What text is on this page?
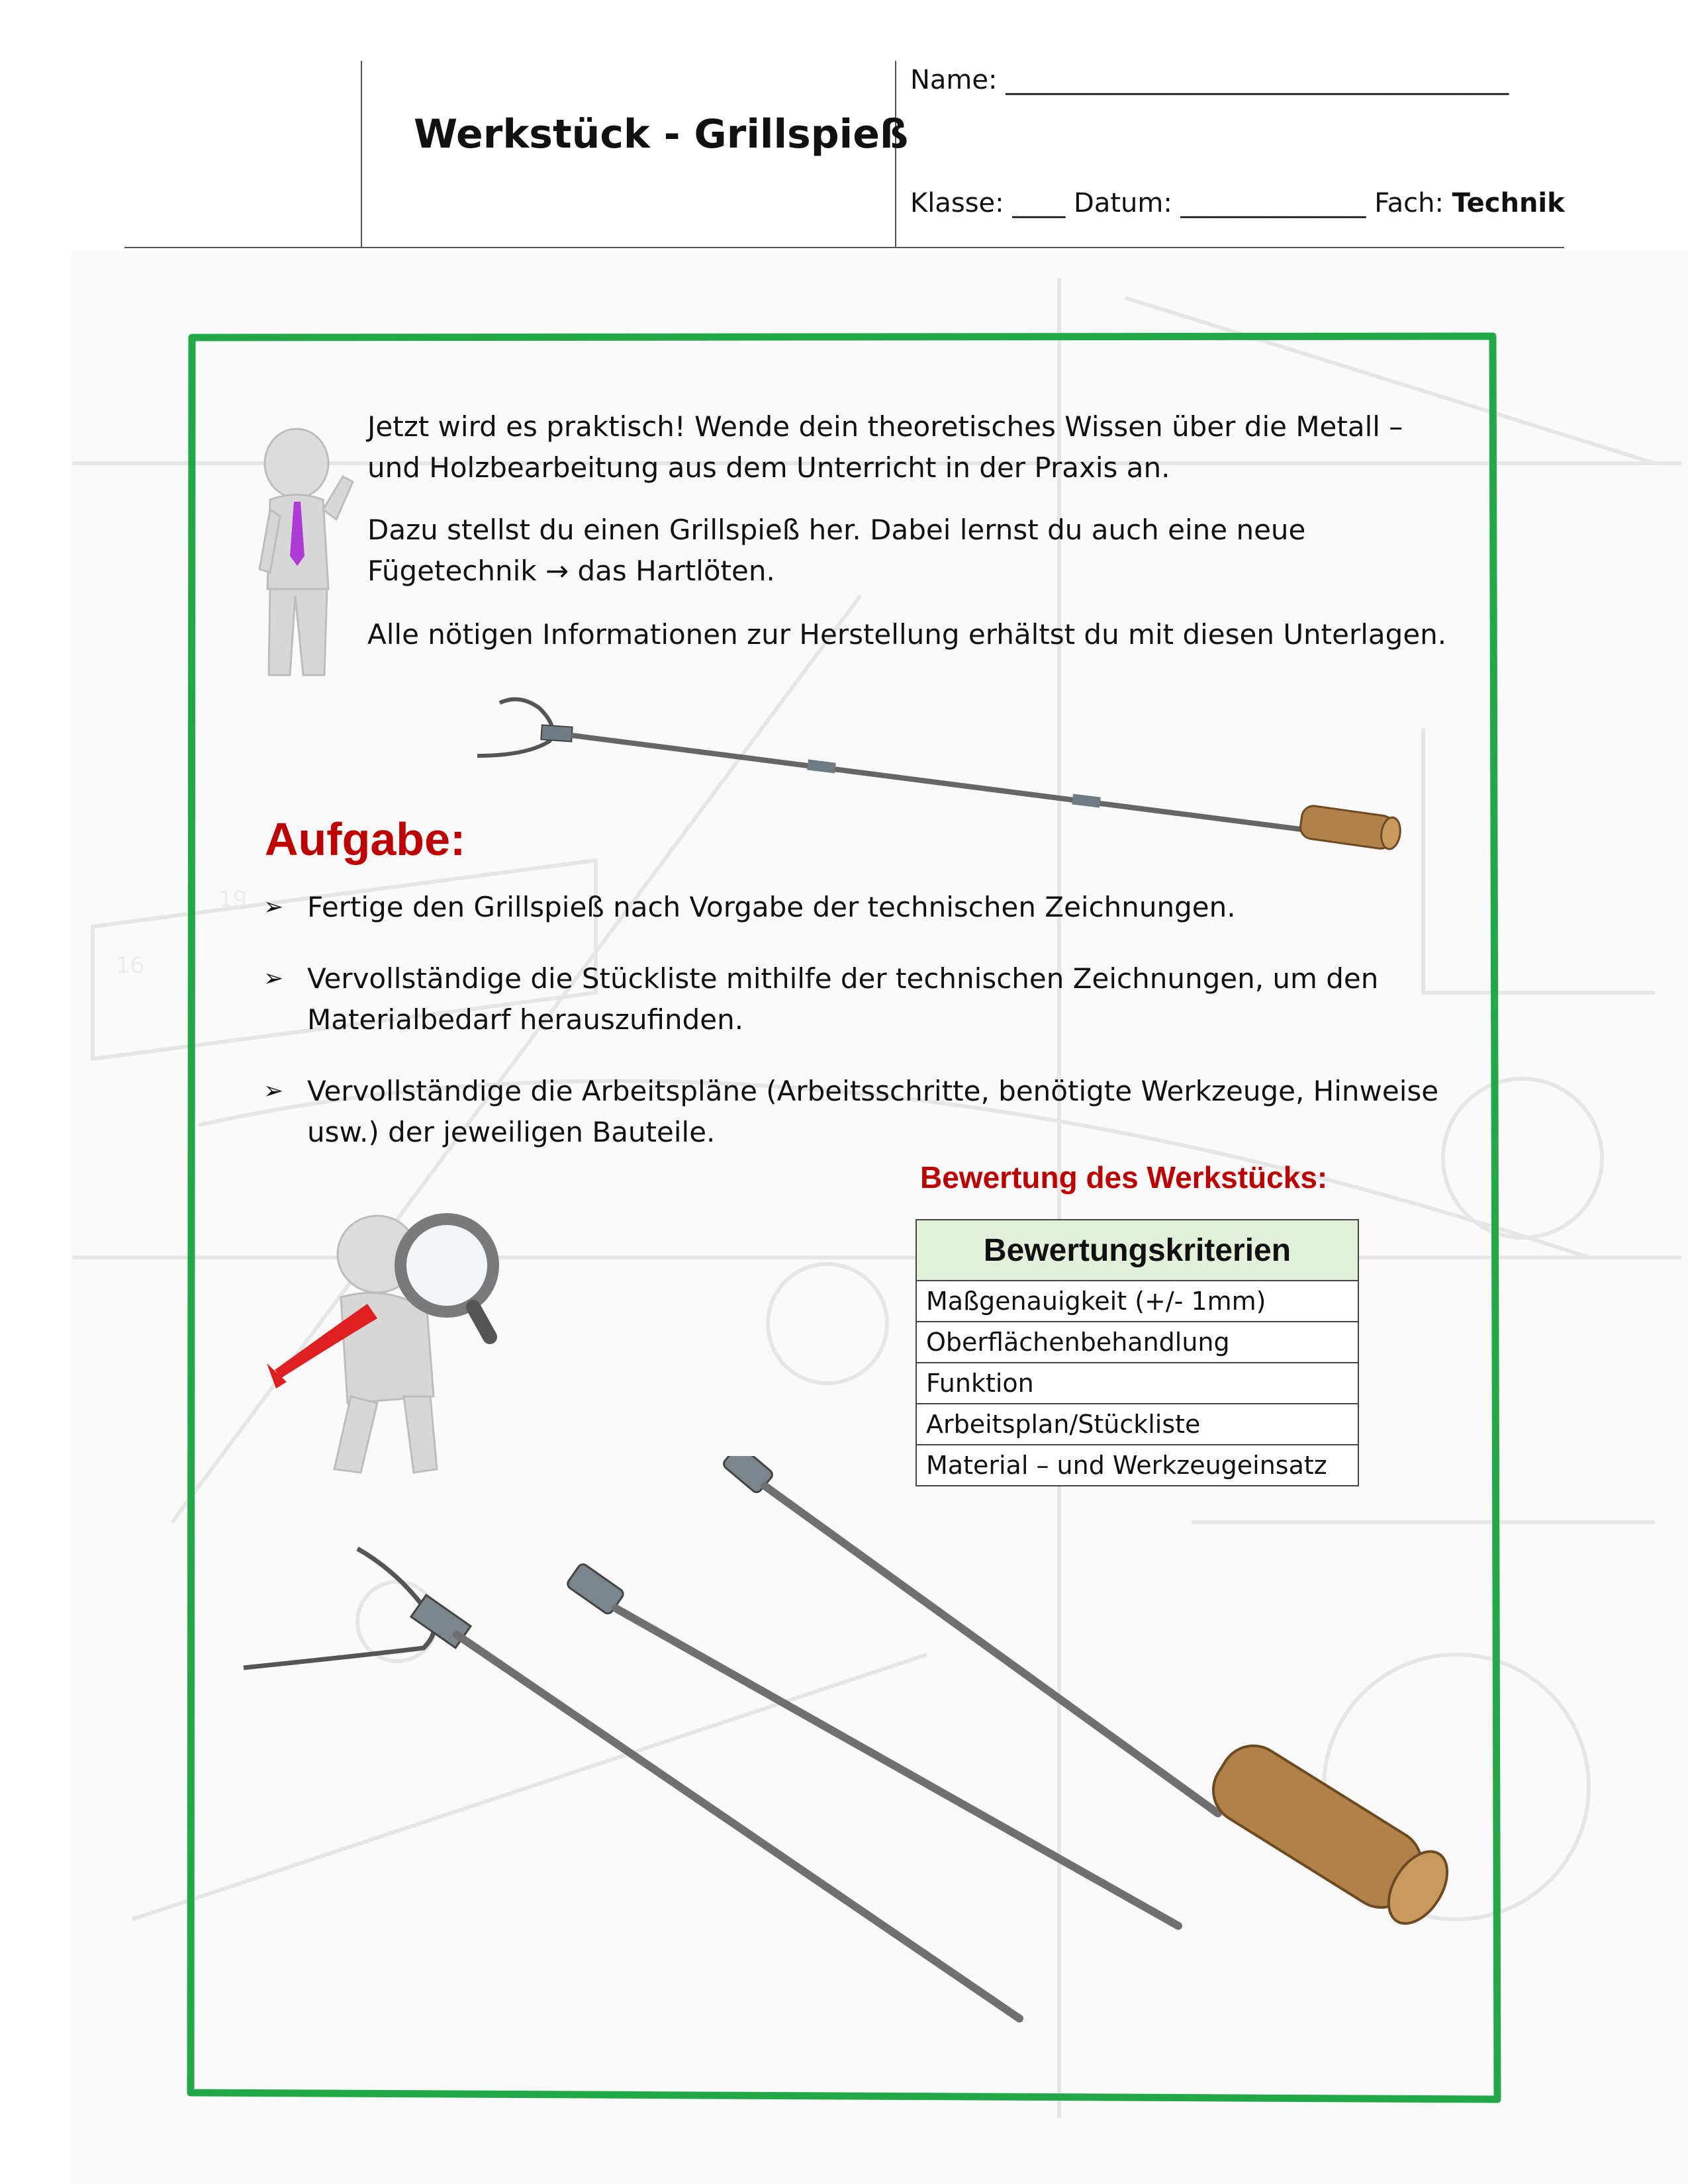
16
19
Werkstück - Grillspieß
Name: ______________________________________
Klasse: ____ Datum: ______________ Fach: Technik
Jetzt wird es praktisch! Wende dein theoretisches Wissen über die Metall – und Holzbearbeitung aus dem Unterricht in der Praxis an.
Dazu stellst du einen Grillspieß her. Dabei lernst du auch eine neue Fügetechnik → das Hartlöten.
Alle nötigen Informationen zur Herstellung erhältst du mit diesen Unterlagen.
Aufgabe:
➢ Fertige den Grillspieß nach Vorgabe der technischen Zeichnungen.
➢ Vervollständige die Stückliste mithilfe der technischen Zeichnungen, um den Materialbedarf herauszufinden.
➢ Vervollständige die Arbeitspläne (Arbeitsschritte, benötigte Werkzeuge, Hinweise usw.) der jeweiligen Bauteile.
Bewertung des Werkstücks:
Bewertungskriterien
Maßgenauigkeit (+/- 1mm)
Oberflächenbehandlung
Funktion
Arbeitsplan/Stückliste
Material – und Werkzeugeinsatz
